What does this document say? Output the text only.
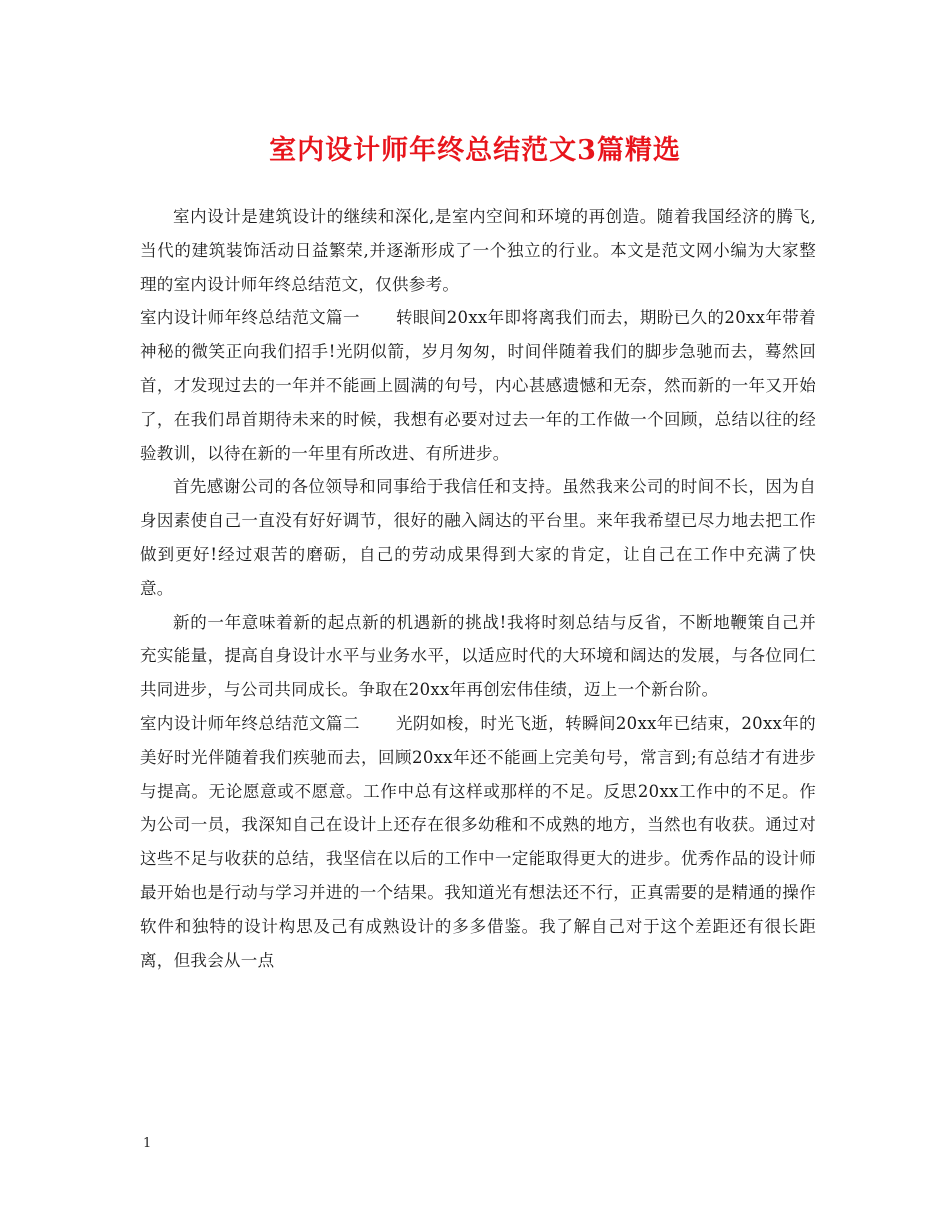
室内设计师年终总结范文3篇精选

室内设计是建筑设计的继续和深化,是室内空间和环境的再创造。随着我国经济的腾飞,当代的建筑装饰活动日益繁荣,并逐渐形成了一个独立的行业。本文是范文网小编为大家整理的室内设计师年终总结范文，仅供参考。

室内设计师年终总结范文篇一 转眼间20xx年即将离我们而去，期盼已久的20xx年带着神秘的微笑正向我们招手!光阴似箭，岁月匆匆，时间伴随着我们的脚步急驰而去，蓦然回首，才发现过去的一年并不能画上圆满的句号，内心甚感遗憾和无奈，然而新的一年又开始了，在我们昂首期待未来的时候，我想有必要对过去一年的工作做一个回顾，总结以往的经验教训，以待在新的一年里有所改进、有所进步。

首先感谢公司的各位领导和同事给于我信任和支持。虽然我来公司的时间不长，因为自身因素使自己一直没有好好调节，很好的融入阔达的平台里。来年我希望已尽力地去把工作做到更好!经过艰苦的磨砺，自己的劳动成果得到大家的肯定，让自己在工作中充满了快意。

新的一年意味着新的起点新的机遇新的挑战!我将时刻总结与反省，不断地鞭策自己并充实能量，提高自身设计水平与业务水平，以适应时代的大环境和阔达的发展，与各位同仁共同进步，与公司共同成长。争取在20xx年再创宏伟佳绩，迈上一个新台阶。

室内设计师年终总结范文篇二 光阴如梭，时光飞逝，转瞬间20xx年已结束，20xx年的美好时光伴随着我们疾驰而去，回顾20xx年还不能画上完美句号，常言到;有总结才有进步与提高。无论愿意或不愿意。工作中总有这样或那样的不足。反思20xx工作中的不足。作为公司一员，我深知自己在设计上还存在很多幼稚和不成熟的地方，当然也有收获。通过对这些不足与收获的总结，我坚信在以后的工作中一定能取得更大的进步。优秀作品的设计师最开始也是行动与学习并进的一个结果。我知道光有想法还不行，正真需要的是精通的操作软件和独特的设计构思及己有成熟设计的多多借鉴。我了解自己对于这个差距还有很长距离，但我会从一点

1
